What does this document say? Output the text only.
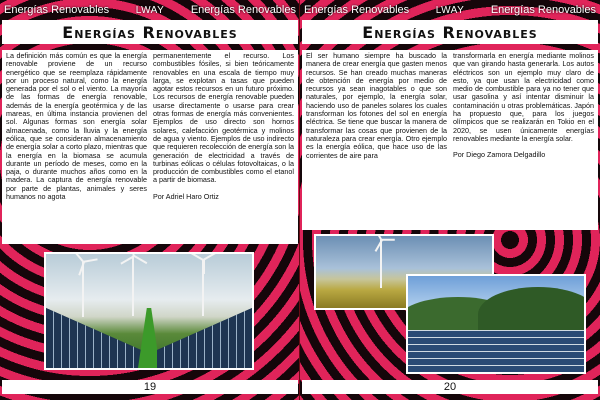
Energías Renovables	LWAY Energías Renovables
Energías Renovables

La definición más común es que la energía renovable proviene de un recurso energético que se reemplaza rápidamente por un proceso natural, como la energía generada por el sol o el viento. La mayoría de las formas de energía renovable, además de la energía geotérmica y de las mareas, en última instancia provienen del sol. Algunas formas son energía solar almacenada, como la lluvia y la energía eólica, que se consideran almacenamiento de energía solar a corto plazo, mientras que la energía en la biomasa se acumula durante un período de meses, como en la paja, o durante muchos años como en la madera. La captura de energía renovable por parte de plantas, animales y seres humanos no agota

permanentemente el recurso. Los combustibles fósiles, si bien teóricamente renovables en una escala de tiempo muy larga, se explotan a tasas que pueden agotar estos recursos en un futuro próximo. Los recursos de energía renovable pueden usarse directamente o usarse para crear otras formas de energía más convenientes. Ejemplos de uso directo son hornos solares, calefacción geotérmica y molinos de agua y viento. Ejemplos de uso indirecto que requieren recolección de energía son la generación de electricidad a través de turbinas eólicas o células fotovoltaicas, o la producción de combustibles como el etanol a partir de biomasa.

Por Adriel Haro Ortiz

19
Energías Renovables	LWAY Energías Renovables
Energías Renovables

El ser humano siempre ha buscado la manera de crear energía que gasten menos recursos. Se han creado muchas maneras de obtención de energía por medio de recursos ya sean inagotables o que son naturales, por ejemplo, la energía solar, haciendo uso de paneles solares los cuales transforman los fotones del sol en energía eléctrica. Se tiene que buscar la manera de transformar las cosas que provienen de la naturaleza para crear energía. Otro ejemplo es la energía eólica, que hace uso de las corrientes de aire para

transformarla en energía mediante molinos que van girando hasta generarla. Los autos eléctricos son un ejemplo muy claro de esto, ya que usan la electricidad como medio de combustible para ya no tener que usar gasolina y así intentar disminuir la contaminación u otras problemáticas. Japón ha propuesto que, para los juegos olímpicos que se realizarán en Tokio en el 2020, se usen únicamente energías renovables mediante la energía solar.

Por Diego Zamora Delgadillo

20
